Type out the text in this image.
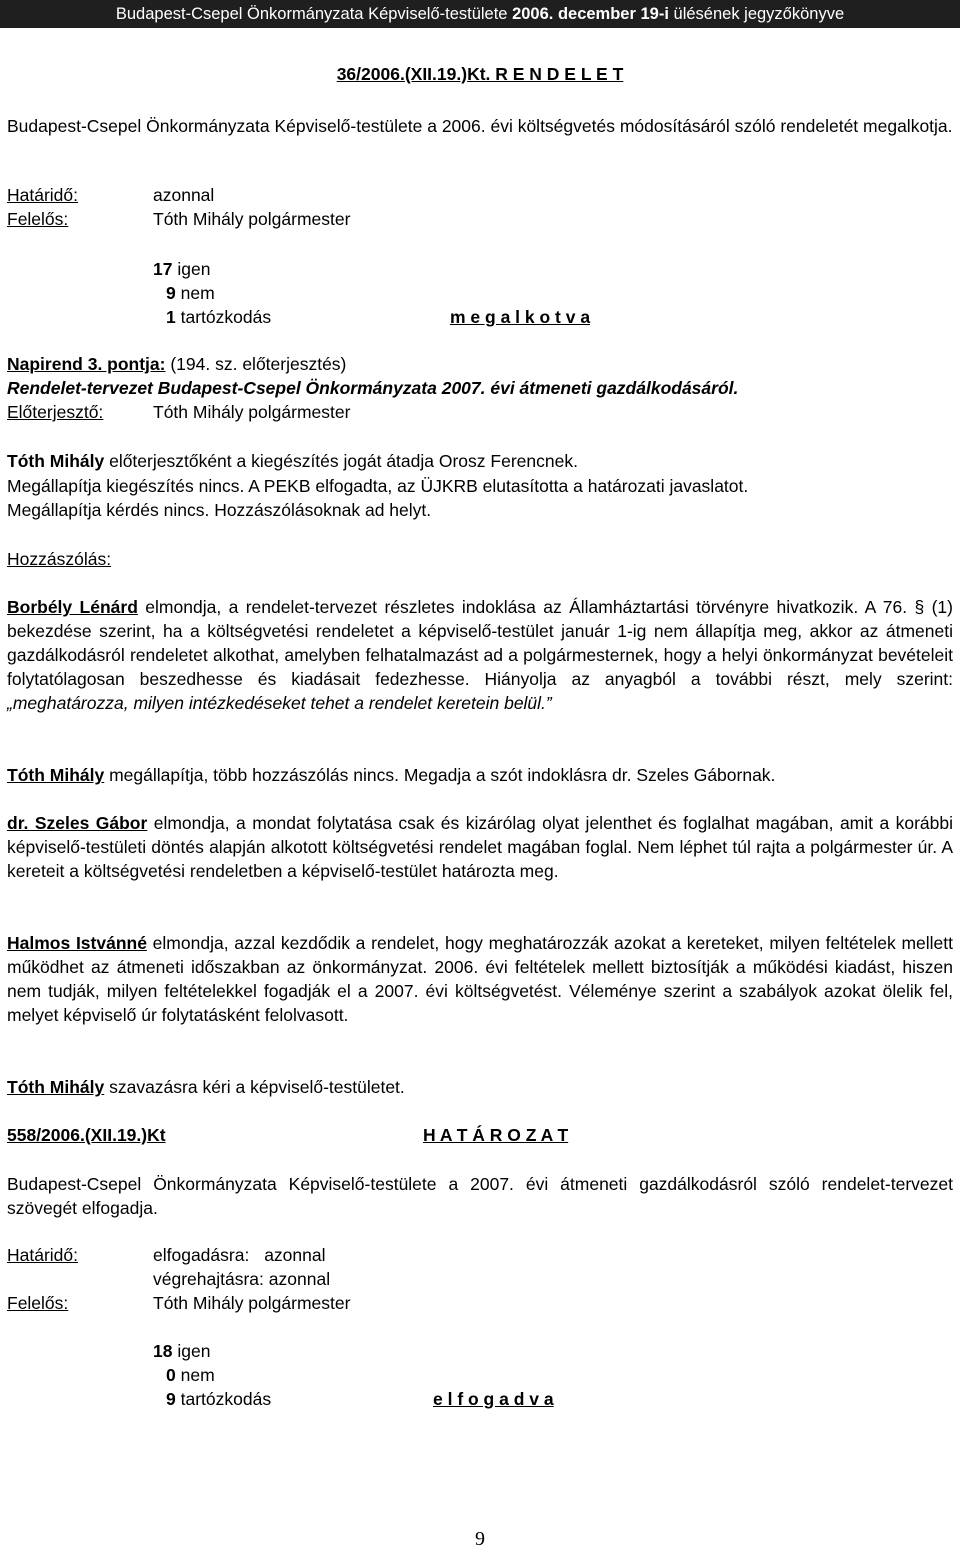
Budapest-Csepel Önkormányzata Képviselő-testülete 2006. december 19-i ülésének jegyzőkönyve
36/2006.(XII.19.)Kt. R E N D E L E T
Budapest-Csepel Önkormányzata Képviselő-testülete a 2006. évi költségvetés módosításáról szóló rendeletét megalkotja.
Határidő:	azonnal
Felelős:	Tóth Mihály polgármester
17 igen
9 nem
1 tartózkodás	m e g a l k o t v a
Napirend 3. pontja: (194. sz. előterjesztés)
Rendelet-tervezet Budapest-Csepel Önkormányzata 2007. évi átmeneti gazdálkodásáról.
Előterjesztő:	Tóth Mihály polgármester
Tóth Mihály előterjesztőként a kiegészítés jogát átadja Orosz Ferencnek.
Megállapítja kiegészítés nincs. A PEKB elfogadta, az ÜJKRB elutasította a határozati javaslatot.
Megállapítja kérdés nincs. Hozzászólásoknak ad helyt.
Hozzászólás:
Borbély Lénárd elmondja, a rendelet-tervezet részletes indoklása az Államháztartási törvényre hivatkozik. A 76. § (1) bekezdése szerint, ha a költségvetési rendeletet a képviselő-testület január 1-ig nem állapítja meg, akkor az átmeneti gazdálkodásról rendeletet alkothat, amelyben felhatalmazást ad a polgármesternek, hogy a helyi önkormányzat bevételeit folytatólagosan beszedhesse és kiadásait fedezhesse. Hiányolja az anyagból a további részt, mely szerint: „meghatározza, milyen intézkedéseket tehet a rendelet keretein belül.”
Tóth Mihály megállapítja, több hozzászólás nincs. Megadja a szót indoklásra dr. Szeles Gábornak.
dr. Szeles Gábor elmondja, a mondat folytatása csak és kizárólag olyat jelenthet és foglalhat magában, amit a korábbi képviselő-testületi döntés alapján alkotott költségvetési rendelet magában foglal. Nem léphet túl rajta a polgármester úr. A kereteit a költségvetési rendeletben a képviselő-testület határozta meg.
Halmos Istvánné elmondja, azzal kezdődik a rendelet, hogy meghatározzák azokat a kereteket, milyen feltételek mellett működhet az átmeneti időszakban az önkormányzat. 2006. évi feltételek mellett biztosítják a működési kiadást, hiszen nem tudják, milyen feltételekkel fogadják el a 2007. évi költségvetést. Véleménye szerint a szabályok azokat ölelik fel, melyet képviselő úr folytatásként felolvasott.
Tóth Mihály szavazásra kéri a képviselő-testületet.
558/2006.(XII.19.)Kt	H A T Á R O Z A T
Budapest-Csepel Önkormányzata Képviselő-testülete a 2007. évi átmeneti gazdálkodásról szóló rendelet-tervezet szövegét elfogadja.
Határidő:	elfogadásra: azonnal
végrehajtásra: azonnal
Felelős:	Tóth Mihály polgármester
18 igen
0 nem
9 tartózkodás	e l f o g a d v a
9
